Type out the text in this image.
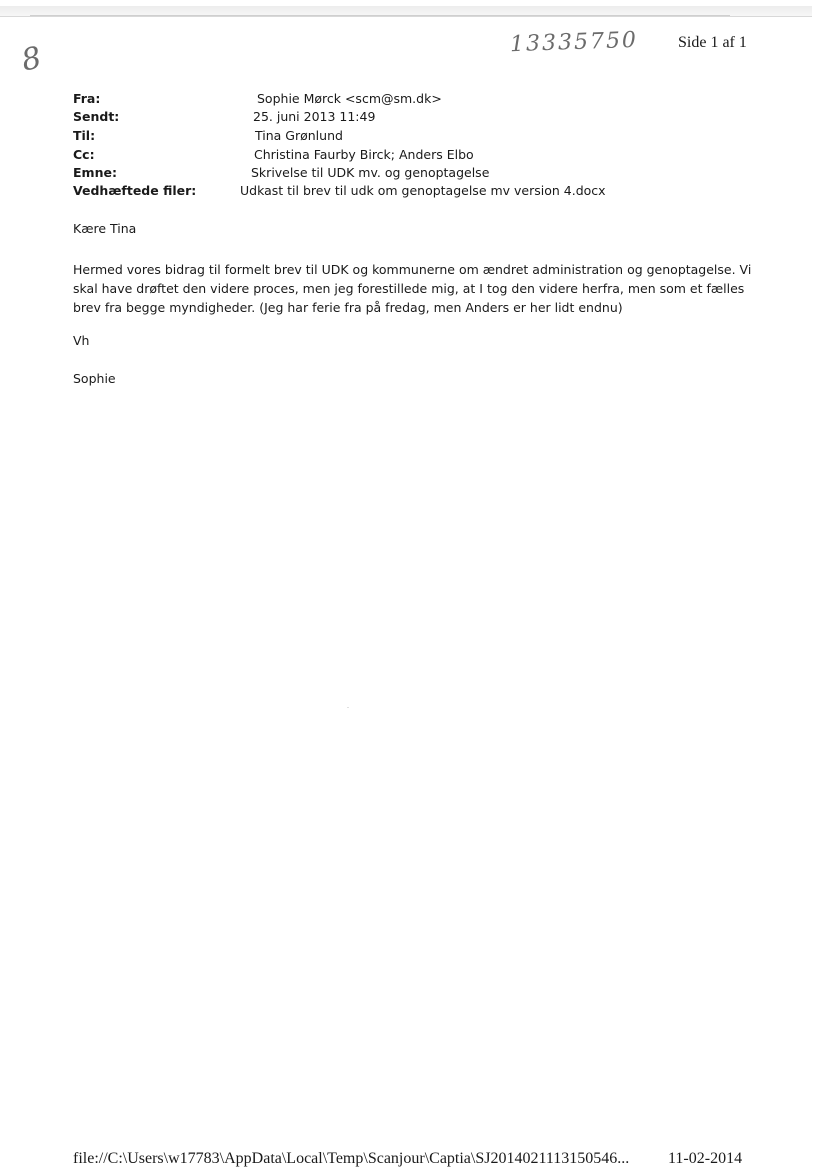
8	13335750 Side 1 af 1
Fra:	Sophie Mørck <scm@sm.dk>
Sendt:	25. juni 2013 11:49
Til:	Tina Grønlund
Cc:	Christina Faurby Birck; Anders Elbo
Emne:	Skrivelse til UDK mv. og genoptagelse
Vedhæftede filer:	Udkast til brev til udk om genoptagelse mv version 4.docx
Kære Tina
Hermed vores bidrag til formelt brev til UDK og kommunerne om ændret administration og genoptagelse. Vi
skal have drøftet den videre proces, men jeg forestillede mig, at I tog den videre herfra, men som et fælles
brev fra begge myndigheder. (Jeg har ferie fra på fredag, men Anders er her lidt endnu)
Vh
Sophie
file://C:\Users\w17783\AppData\Local\Temp\Scanjour\Captia\SJ2014021113150546... 11-02-2014
